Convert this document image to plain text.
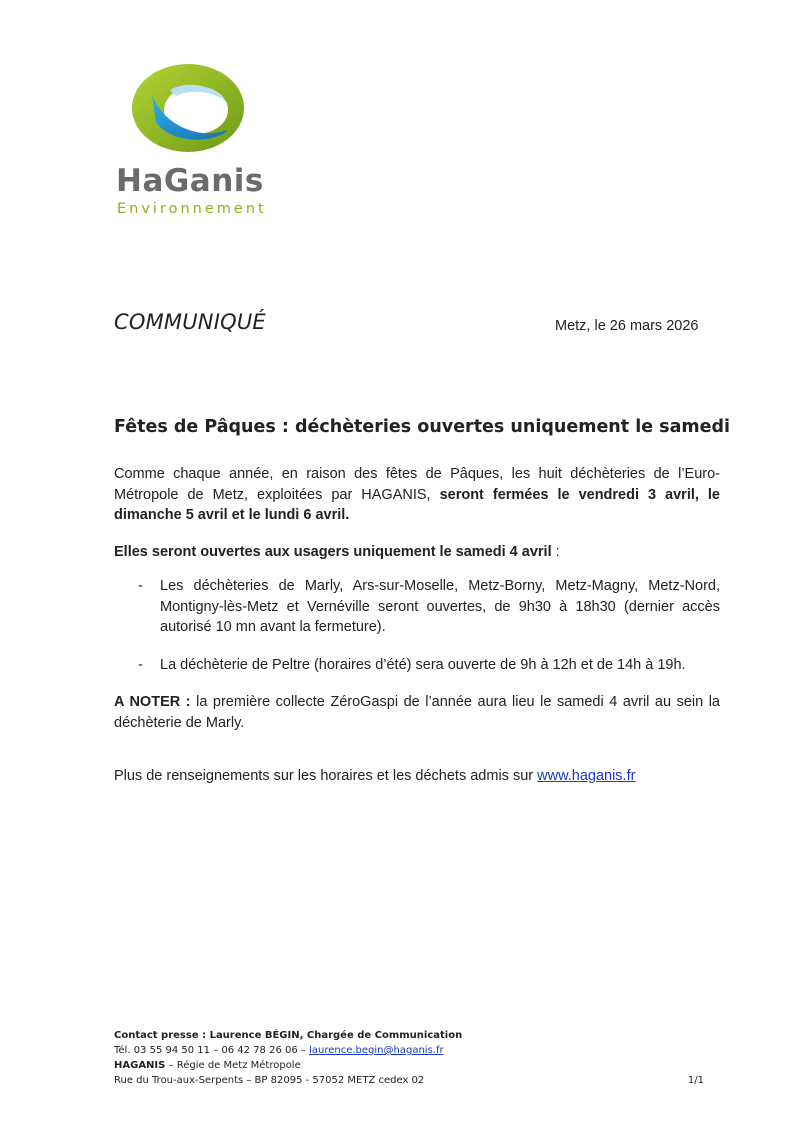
HaGanis
Environnement
COMMUNIQUÉ	Metz, le 26 mars 2026
Fêtes de Pâques : déchèteries ouvertes uniquement le samedi
Comme chaque année, en raison des fêtes de Pâques, les huit déchèteries de l’Euro-Métropole de Metz, exploitées par HAGANIS, seront fermées le vendredi 3 avril, le dimanche 5 avril et le lundi 6 avril.
Elles seront ouvertes aux usagers uniquement le samedi 4 avril :
- Les déchèteries de Marly, Ars-sur-Moselle, Metz-Borny, Metz-Magny, Metz-Nord, Montigny-lès-Metz et Vernéville seront ouvertes, de 9h30 à 18h30 (dernier accès autorisé 10 mn avant la fermeture).
- La déchèterie de Peltre (horaires d’été) sera ouverte de 9h à 12h et de 14h à 19h.
A NOTER : la première collecte ZéroGaspi de l’année aura lieu le samedi 4 avril au sein la déchèterie de Marly.
Plus de renseignements sur les horaires et les déchets admis sur www.haganis.fr
Contact presse : Laurence BÉGIN, Chargée de Communication
Tél. 03 55 94 50 11 – 06 42 78 26 06 – laurence.begin@haganis.fr
HAGANIS – Régie de Metz Métropole
Rue du Trou-aux-Serpents – BP 82095 - 57052 METZ cedex 02	1/1
